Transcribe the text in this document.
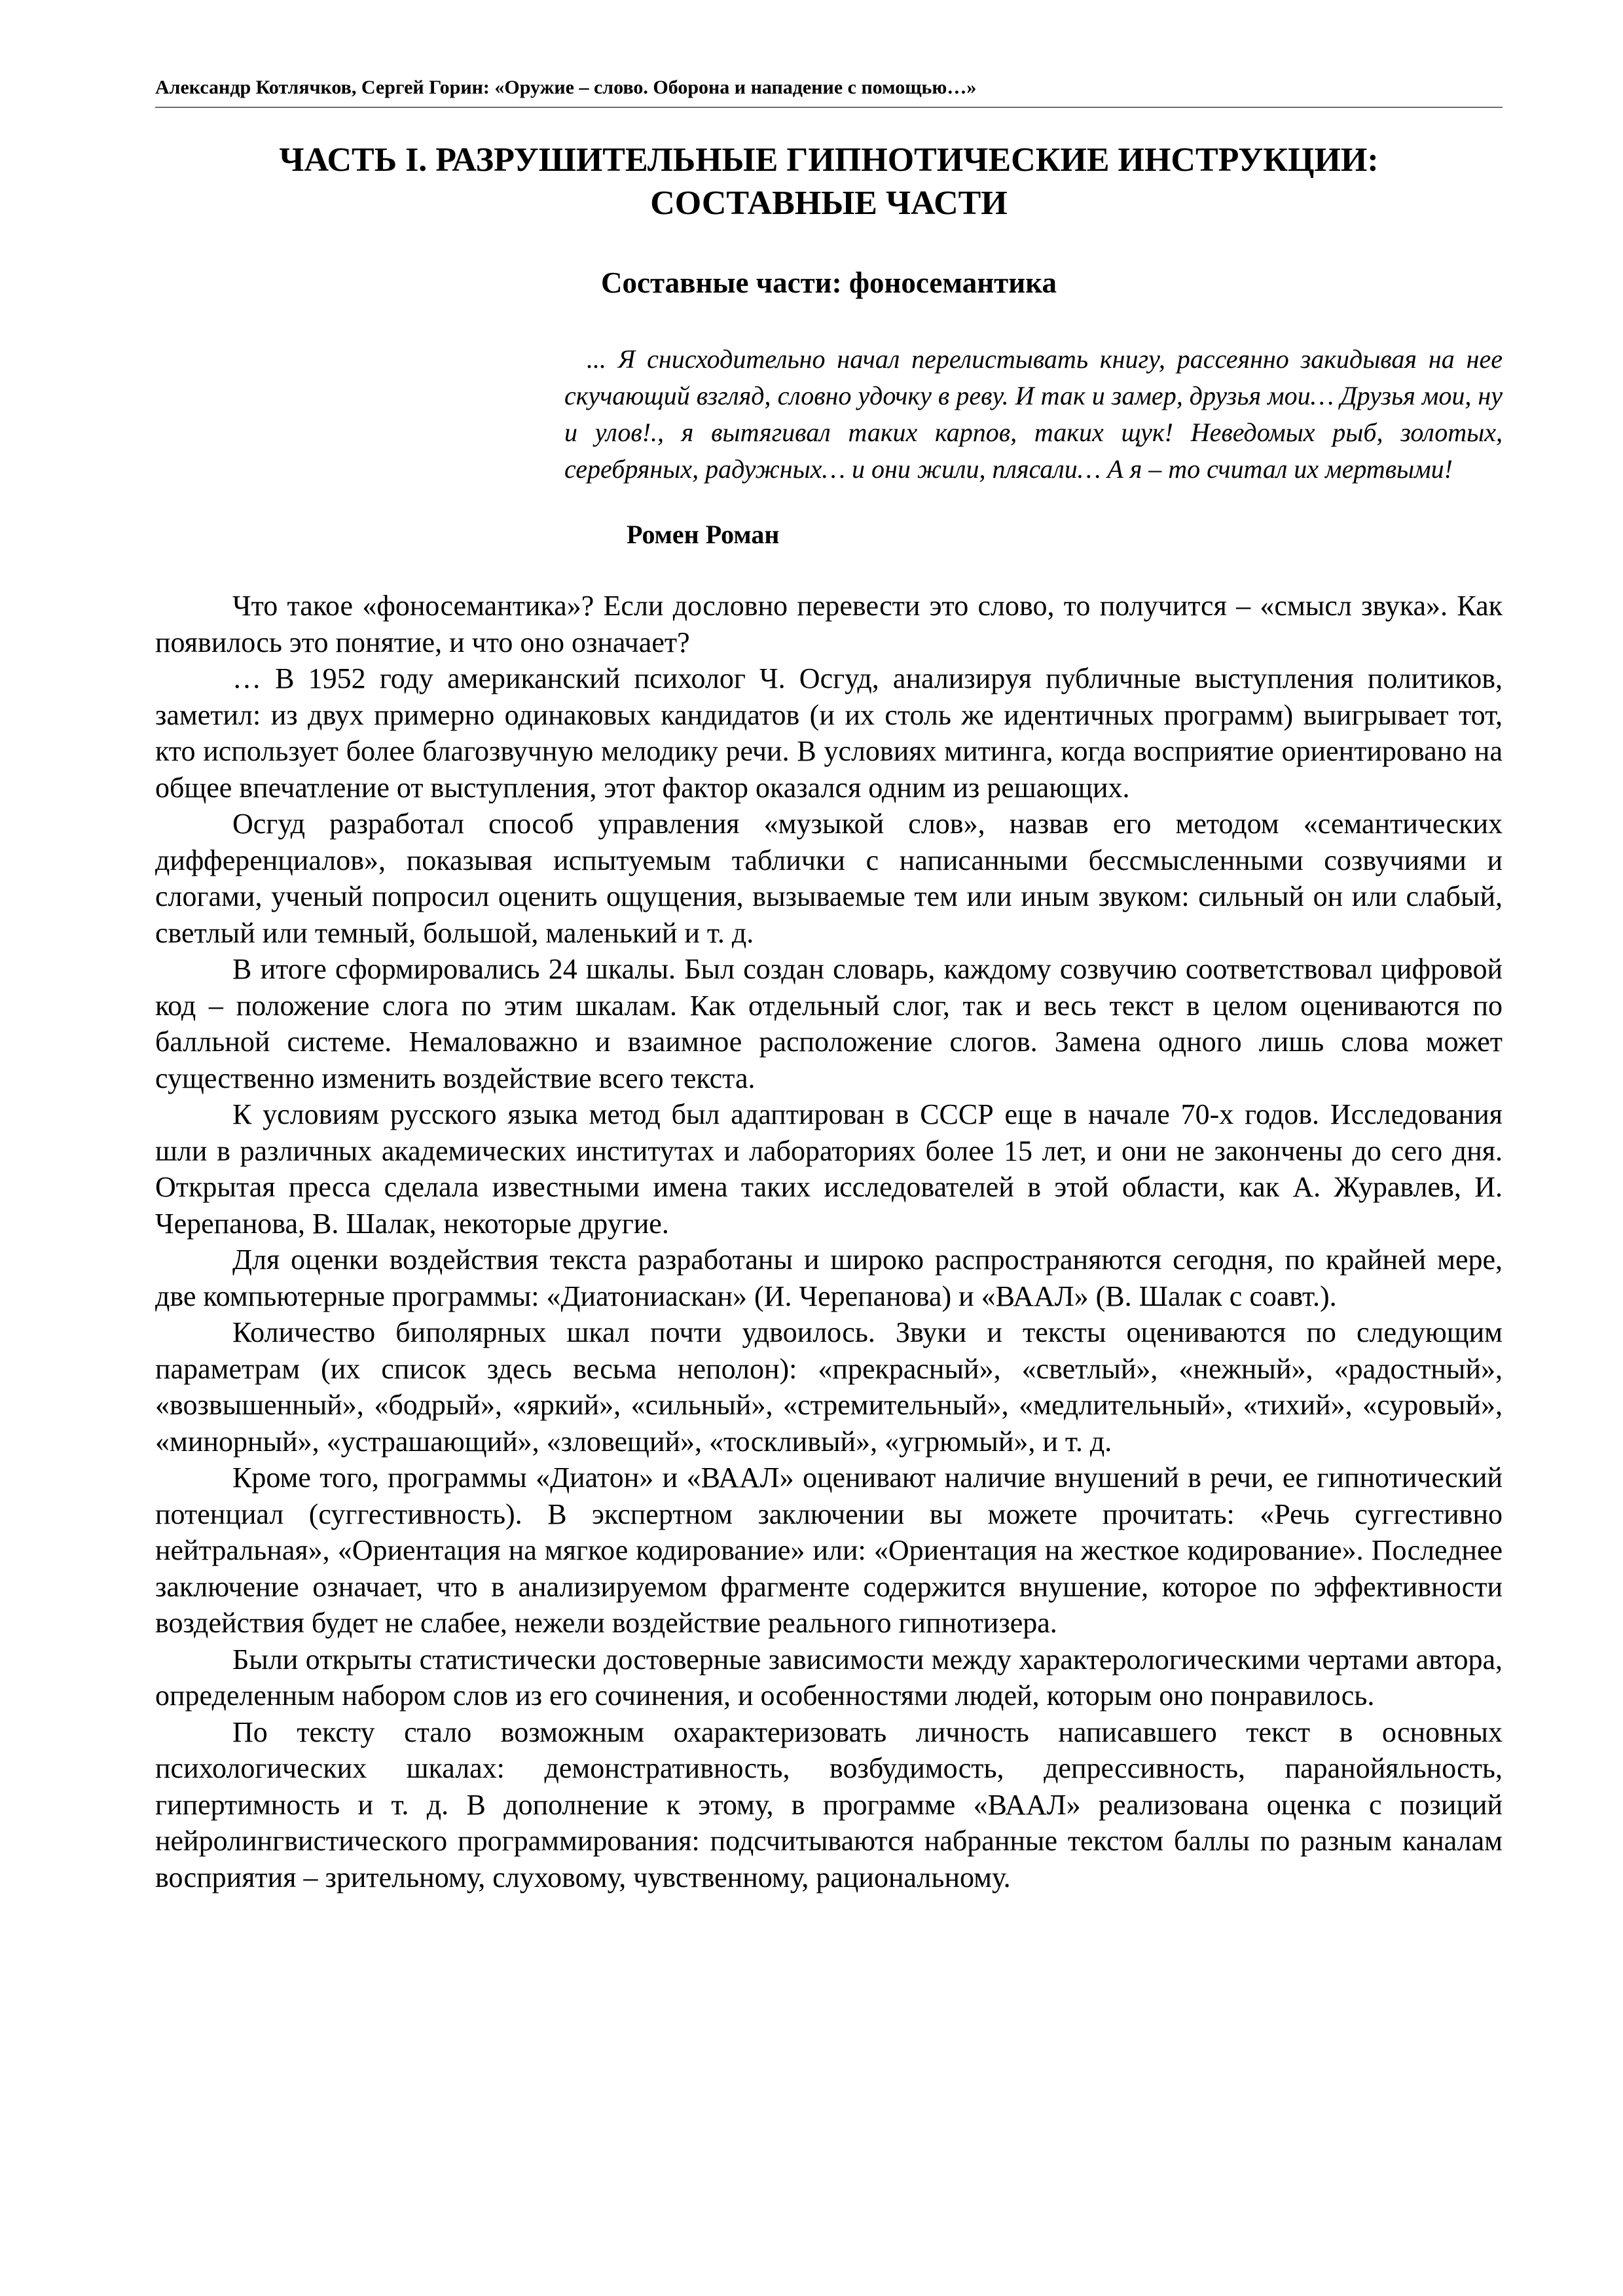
Александр Котлячков, Сергей Горин: «Оружие – слово. Оборона и нападение с помощью…»
ЧАСТЬ I. РАЗРУШИТЕЛЬНЫЕ ГИПНОТИЧЕСКИЕ ИНСТРУКЦИИ:
СОСТАВНЫЕ ЧАСТИ
Составные части: фоносемантика

... Я снисходительно начал перелистывать книгу, рассеянно закидывая на нее скучающий взгляд, словно удочку в реву. И так и замер, друзья мои… Друзья мои, ну и улов!., я вытягивал таких карпов, таких щук! Неведомых рыб, золотых, серебряных, радужных… и они жили, плясали… А я – то считал их мертвыми!

Ромен Роман

Что такое «фоносемантика»? Если дословно перевести это слово, то получится – «смысл звука». Как появилось это понятие, и что оно означает?

… В 1952 году американский психолог Ч. Осгуд, анализируя публичные выступления политиков, заметил: из двух примерно одинаковых кандидатов (и их столь же идентичных программ) выигрывает тот, кто использует более благозвучную мелодику речи. В условиях митинга, когда восприятие ориентировано на общее впечатление от выступления, этот фактор оказался одним из решающих.

Осгуд разработал способ управления «музыкой слов», назвав его методом «семантических дифференциалов», показывая испытуемым таблички с написанными бессмысленными созвучиями и слогами, ученый попросил оценить ощущения, вызываемые тем или иным звуком: сильный он или слабый, светлый или темный, большой, маленький и т. д.

В итоге сформировались 24 шкалы. Был создан словарь, каждому созвучию соответствовал цифровой код – положение слога по этим шкалам. Как отдельный слог, так и весь текст в целом оцениваются по балльной системе. Немаловажно и взаимное расположение слогов. Замена одного лишь слова может существенно изменить воздействие всего текста.

К условиям русского языка метод был адаптирован в СССР еще в начале 70-х годов. Исследования шли в различных академических институтах и лабораториях более 15 лет, и они не закончены до сего дня. Открытая пресса сделала известными имена таких исследователей в этой области, как А. Журавлев, И. Черепанова, В. Шалак, некоторые другие.

Для оценки воздействия текста разработаны и широко распространяются сегодня, по крайней мере, две компьютерные программы: «Диатониаскан» (И. Черепанова) и «ВААЛ» (В. Шалак с соавт.).

Количество биполярных шкал почти удвоилось. Звуки и тексты оцениваются по следующим параметрам (их список здесь весьма неполон): «прекрасный», «светлый», «нежный», «радостный», «возвышенный», «бодрый», «яркий», «сильный», «стремительный», «медлительный», «тихий», «суровый», «минорный», «устрашающий», «зловещий», «тоскливый», «угрюмый», и т. д.

Кроме того, программы «Диатон» и «ВААЛ» оценивают наличие внушений в речи, ее гипнотический потенциал (суггестивность). В экспертном заключении вы можете прочитать: «Речь суггестивно нейтральная», «Ориентация на мягкое кодирование» или: «Ориентация на жесткое кодирование». Последнее заключение означает, что в анализируемом фрагменте содержится внушение, которое по эффективности воздействия будет не слабее, нежели воздействие реального гипнотизера.

Были открыты статистически достоверные зависимости между характерологическими чертами автора, определенным набором слов из его сочинения, и особенностями людей, которым оно понравилось.

По тексту стало возможным охарактеризовать личность написавшего текст в основных психологических шкалах: демонстративность, возбудимость, депрессивность, паранойяльность, гипертимность и т. д. В дополнение к этому, в программе «ВААЛ» реализована оценка с позиций нейролингвистического программирования: подсчитываются набранные текстом баллы по разным каналам восприятия – зрительному, слуховому, чувственному, рациональному.
